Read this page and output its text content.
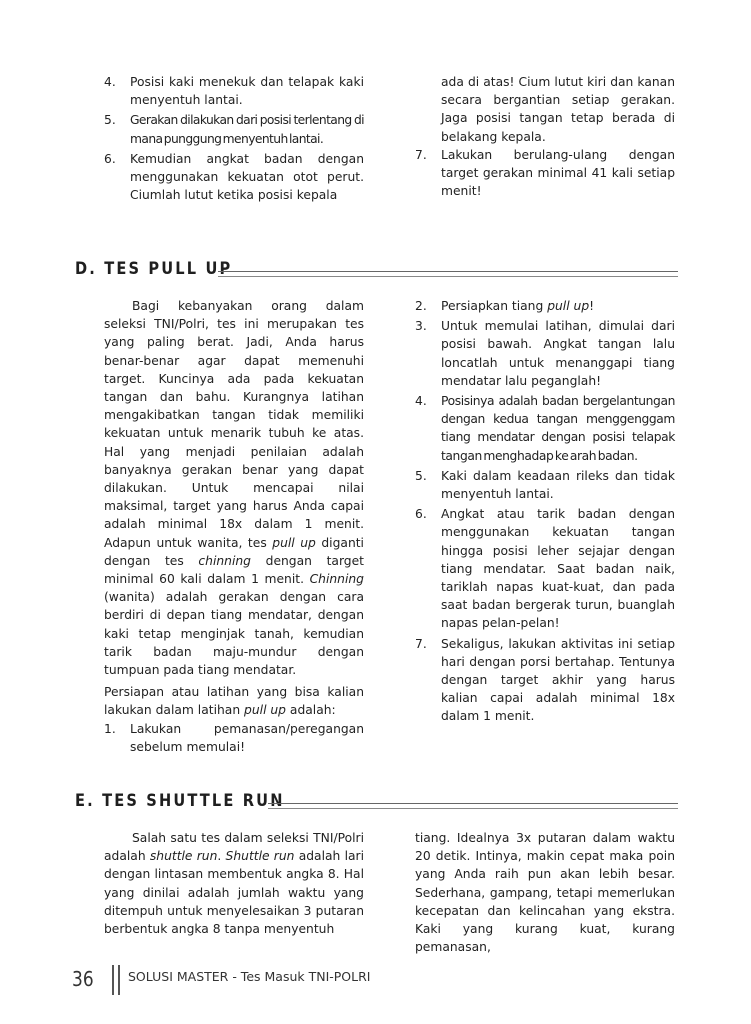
4. Posisi kaki menekuk dan telapak kaki menyentuh lantai.
5. Gerakan dilakukan dari posisi terlentang di mana punggung menyentuh lantai.
6. Kemudian angkat badan dengan menggunakan kekuatan otot perut. Ciumlah lutut ketika posisi kepala
ada di atas! Cium lutut kiri dan kanan secara bergantian setiap gerakan. Jaga posisi tangan tetap berada di belakang kepala.
7. Lakukan berulang-ulang dengan target gerakan minimal 41 kali setiap menit!
D. TES PULL UP

Bagi kebanyakan orang dalam seleksi TNI/Polri, tes ini merupakan tes yang paling berat. Jadi, Anda harus benar-benar agar dapat memenuhi target. Kuncinya ada pada kekuatan tangan dan bahu. Kurangnya latihan mengakibatkan tangan tidak memiliki kekuatan untuk menarik tubuh ke atas. Hal yang menjadi penilaian adalah banyaknya gerakan benar yang dapat dilakukan. Untuk mencapai nilai maksimal, target yang harus Anda capai adalah minimal 18x dalam 1 menit. Adapun untuk wanita, tes pull up diganti dengan tes chinning dengan target minimal 60 kali dalam 1 menit. Chinning (wanita) adalah gerakan dengan cara berdiri di depan tiang mendatar, dengan kaki tetap menginjak tanah, kemudian tarik badan maju-mundur dengan tumpuan pada tiang mendatar.

Persiapan atau latihan yang bisa kalian lakukan dalam latihan pull up adalah:

1. Lakukan pemanasan/peregangan sebelum memulai!
2. Persiapkan tiang pull up!
3. Untuk memulai latihan, dimulai dari posisi bawah. Angkat tangan lalu loncatlah untuk menanggapi tiang mendatar lalu peganglah!
4. Posisinya adalah badan bergelantungan dengan kedua tangan menggenggam tiang mendatar dengan posisi telapak tangan menghadap ke arah badan.
5. Kaki dalam keadaan rileks dan tidak menyentuh lantai.
6. Angkat atau tarik badan dengan menggunakan kekuatan tangan hingga posisi leher sejajar dengan tiang mendatar. Saat badan naik, tariklah napas kuat-kuat, dan pada saat badan bergerak turun, buanglah napas pelan-pelan!
7. Sekaligus, lakukan aktivitas ini setiap hari dengan porsi bertahap. Tentunya dengan target akhir yang harus kalian capai adalah minimal 18x dalam 1 menit.
E. TES SHUTTLE RUN

Salah satu tes dalam seleksi TNI/Polri adalah shuttle run. Shuttle run adalah lari dengan lintasan membentuk angka 8. Hal yang dinilai adalah jumlah waktu yang ditempuh untuk menyelesaikan 3 putaran berbentuk angka 8 tanpa menyentuh

tiang. Idealnya 3x putaran dalam waktu 20 detik. Intinya, makin cepat maka poin yang Anda raih pun akan lebih besar. Sederhana, gampang, tetapi memerlukan kecepatan dan kelincahan yang ekstra. Kaki yang kurang kuat, kurang pemanasan,

36	SOLUSI MASTER - Tes Masuk TNI-POLRI
